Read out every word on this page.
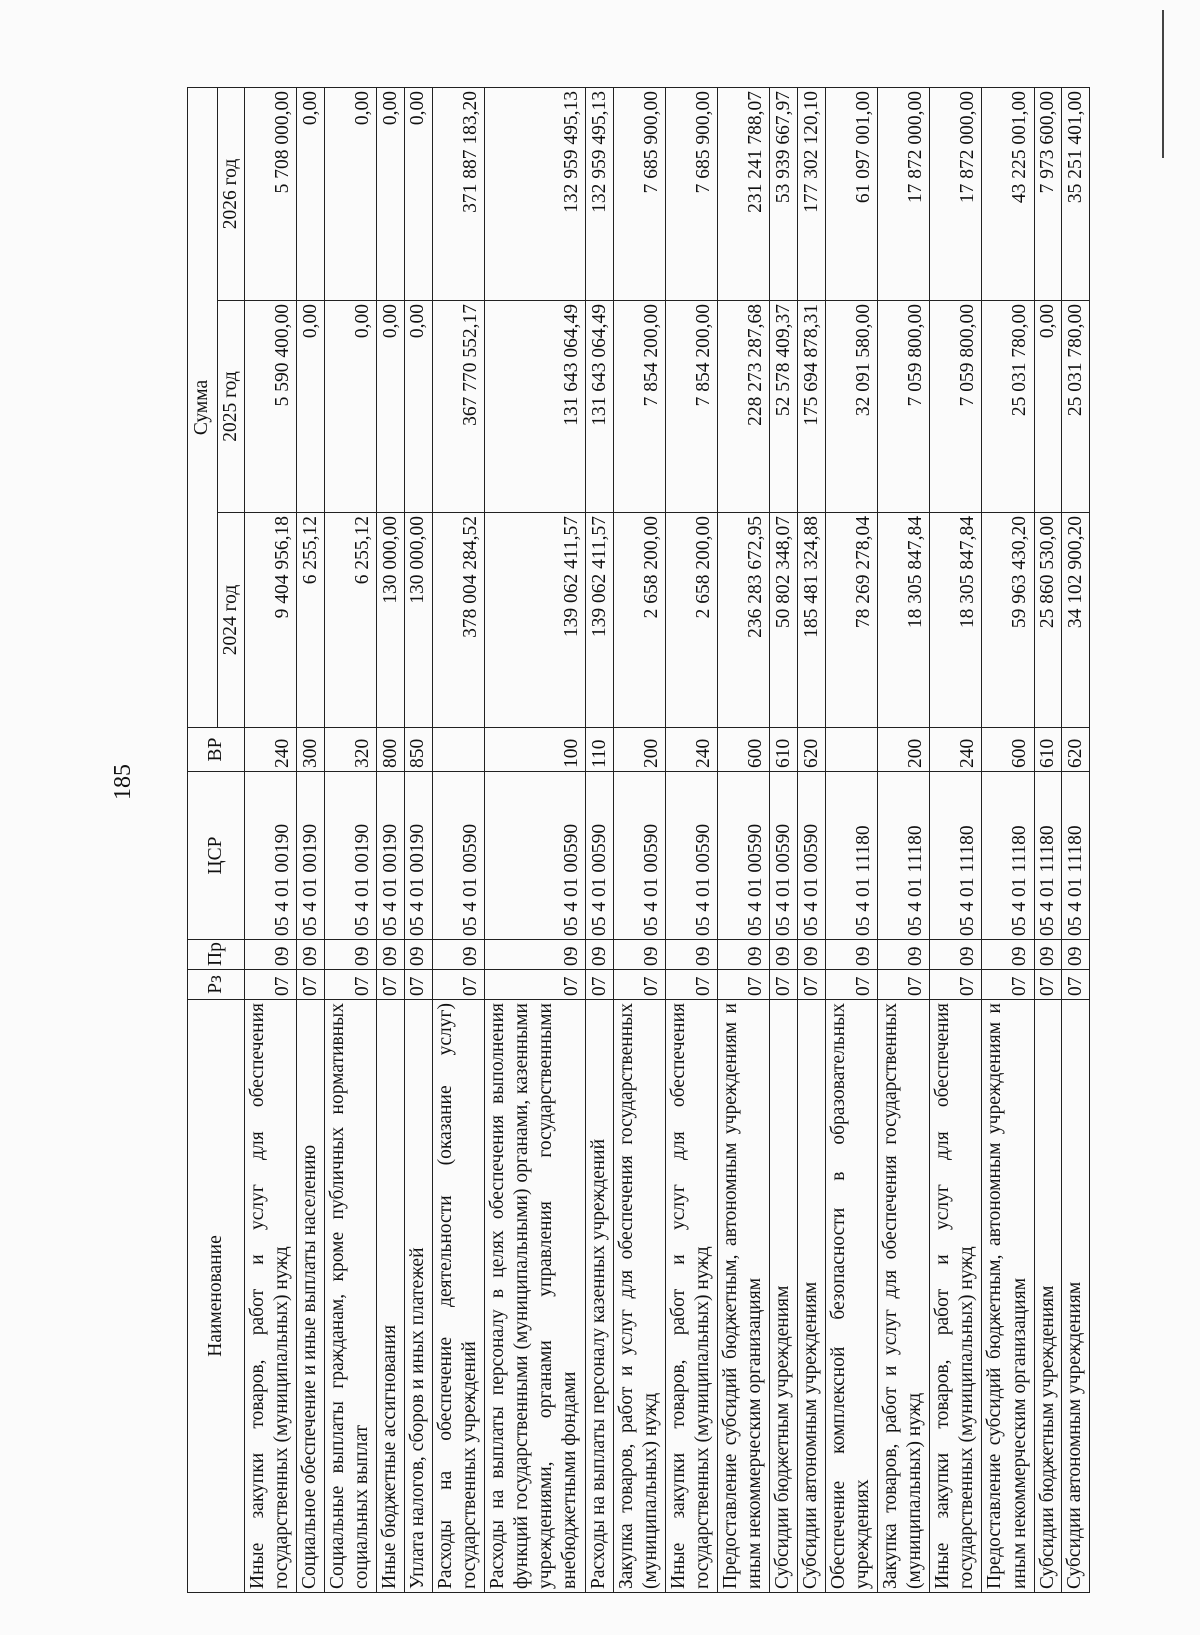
185
Наименование	Рз	Пр	ЦСР	ВР	Сумма		
					2024 год	2025 год	2026 год
Иные закупки товаров, работ и услуг для обеспечения государственных (муниципальных) нужд	07	09	05 4 01 00190	240	9 404 956,18	5 590 400,00	5 708 000,00
Социальное обеспечение и иные выплаты населению	07	09	05 4 01 00190	300	6 255,12	0,00	0,00
Социальные выплаты гражданам, кроме публичных нормативных социальных выплат	07	09	05 4 01 00190	320	6 255,12	0,00	0,00
Иные бюджетные ассигнования	07	09	05 4 01 00190	800	130 000,00	0,00	0,00
Уплата налогов, сборов и иных платежей	07	09	05 4 01 00190	850	130 000,00	0,00	0,00
Расходы на обеспечение деятельности (оказание услуг) государственных учреждений	07	09	05 4 01 00590		378 004 284,52	367 770 552,17	371 887 183,20
Расходы на выплаты персоналу в целях обеспечения выполнения функций государственными (муниципальными) органами, казенными учреждениями, органами управления государственными внебюджетными фондами	07	09	05 4 01 00590	100	139 062 411,57	131 643 064,49	132 959 495,13
Расходы на выплаты персоналу казенных учреждений	07	09	05 4 01 00590	110	139 062 411,57	131 643 064,49	132 959 495,13
Закупка товаров, работ и услуг для обеспечения государственных (муниципальных) нужд	07	09	05 4 01 00590	200	2 658 200,00	7 854 200,00	7 685 900,00
Иные закупки товаров, работ и услуг для обеспечения государственных (муниципальных) нужд	07	09	05 4 01 00590	240	2 658 200,00	7 854 200,00	7 685 900,00
Предоставление субсидий бюджетным, автономным учреждениям и иным некоммерческим организациям	07	09	05 4 01 00590	600	236 283 672,95	228 273 287,68	231 241 788,07
Субсидии бюджетным учреждениям	07	09	05 4 01 00590	610	50 802 348,07	52 578 409,37	53 939 667,97
Субсидии автономным учреждениям	07	09	05 4 01 00590	620	185 481 324,88	175 694 878,31	177 302 120,10
Обеспечение комплексной безопасности в образовательных учреждениях	07	09	05 4 01 11180		78 269 278,04	32 091 580,00	61 097 001,00
Закупка товаров, работ и услуг для обеспечения государственных (муниципальных) нужд	07	09	05 4 01 11180	200	18 305 847,84	7 059 800,00	17 872 000,00
Иные закупки товаров, работ и услуг для обеспечения государственных (муниципальных) нужд	07	09	05 4 01 11180	240	18 305 847,84	7 059 800,00	17 872 000,00
Предоставление субсидий бюджетным, автономным учреждениям и иным некоммерческим организациям	07	09	05 4 01 11180	600	59 963 430,20	25 031 780,00	43 225 001,00
Субсидии бюджетным учреждениям	07	09	05 4 01 11180	610	25 860 530,00	0,00	7 973 600,00
Субсидии автономным учреждениям	07	09	05 4 01 11180	620	34 102 900,20	25 031 780,00	35 251 401,00
